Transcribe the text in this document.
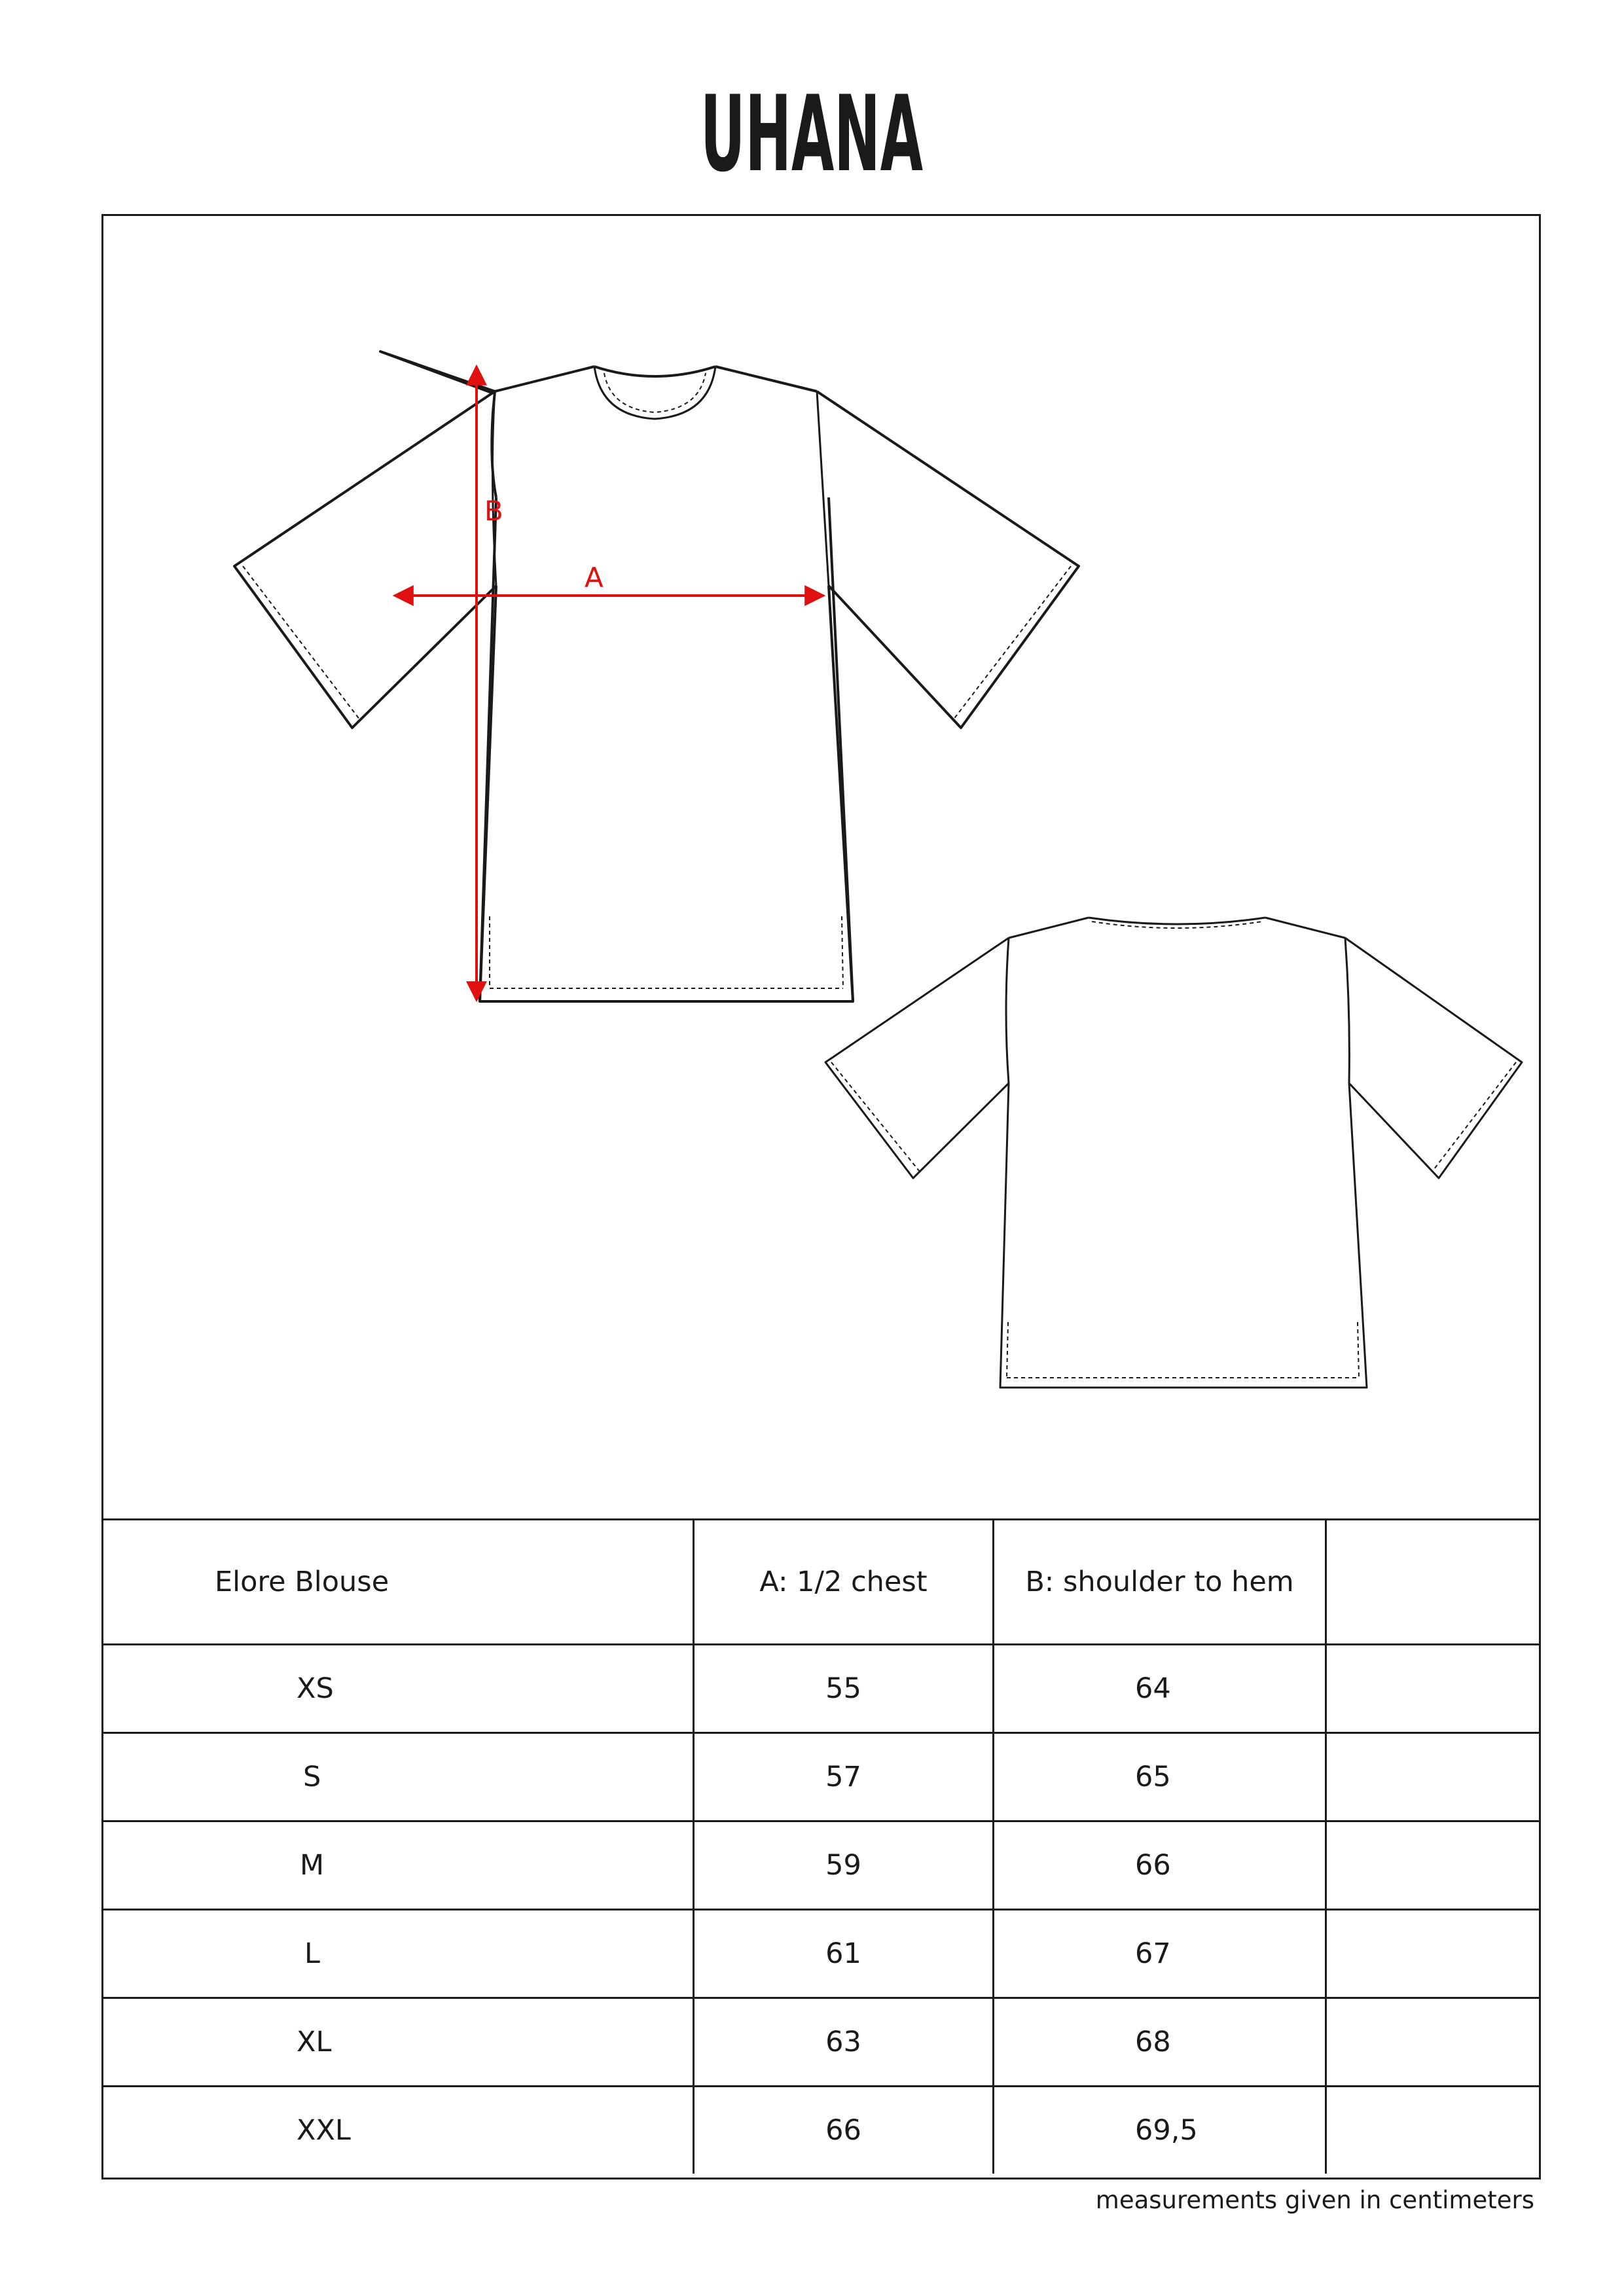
UHANA
B
A
Elore Blouse	A: 1/2 chest	B: shoulder to hem	
XS	55	64	
S	57	65	
M	59	66	
L	61	67	
XL	63	68	
XXL	66	69,5	
measurements given in centimeters
